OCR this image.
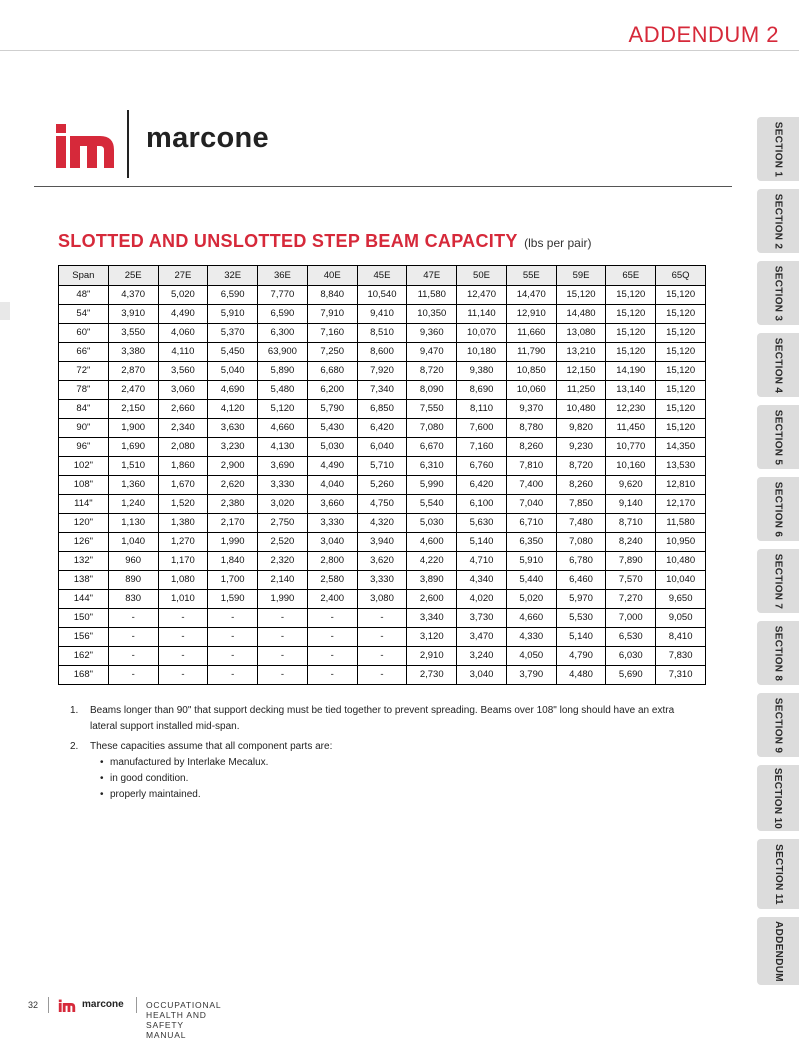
ADDENDUM 2
marcone
SLOTTED AND UNSLOTTED STEP BEAM CAPACITY (lbs per pair)
Span	25E	27E	32E	36E	40E	45E	47E	50E	55E	59E	65E	65Q
48"	4,370	5,020	6,590	7,770	8,840	10,540	11,580	12,470	14,470	15,120	15,120	15,120
54"	3,910	4,490	5,910	6,590	7,910	9,410	10,350	11,140	12,910	14,480	15,120	15,120
60"	3,550	4,060	5,370	6,300	7,160	8,510	9,360	10,070	11,660	13,080	15,120	15,120
66"	3,380	4,110	5,450	63,900	7,250	8,600	9,470	10,180	11,790	13,210	15,120	15,120
72"	2,870	3,560	5,040	5,890	6,680	7,920	8,720	9,380	10,850	12,150	14,190	15,120
78"	2,470	3,060	4,690	5,480	6,200	7,340	8,090	8,690	10,060	11,250	13,140	15,120
84"	2,150	2,660	4,120	5,120	5,790	6,850	7,550	8,110	9,370	10,480	12,230	15,120
90"	1,900	2,340	3,630	4,660	5,430	6,420	7,080	7,600	8,780	9,820	11,450	15,120
96"	1,690	2,080	3,230	4,130	5,030	6,040	6,670	7,160	8,260	9,230	10,770	14,350
102"	1,510	1,860	2,900	3,690	4,490	5,710	6,310	6,760	7,810	8,720	10,160	13,530
108"	1,360	1,670	2,620	3,330	4,040	5,260	5,990	6,420	7,400	8,260	9,620	12,810
114"	1,240	1,520	2,380	3,020	3,660	4,750	5,540	6,100	7,040	7,850	9,140	12,170
120"	1,130	1,380	2,170	2,750	3,330	4,320	5,030	5,630	6,710	7,480	8,710	11,580
126"	1,040	1,270	1,990	2,520	3,040	3,940	4,600	5,140	6,350	7,080	8,240	10,950
132"	960	1,170	1,840	2,320	2,800	3,620	4,220	4,710	5,910	6,780	7,890	10,480
138"	890	1,080	1,700	2,140	2,580	3,330	3,890	4,340	5,440	6,460	7,570	10,040
144"	830	1,010	1,590	1,990	2,400	3,080	2,600	4,020	5,020	5,970	7,270	9,650
150"	-	-	-	-	-	-	3,340	3,730	4,660	5,530	7,000	9,050
156"	-	-	-	-	-	-	3,120	3,470	4,330	5,140	6,530	8,410
162"	-	-	-	-	-	-	2,910	3,240	4,050	4,790	6,030	7,830
168"	-	-	-	-	-	-	2,730	3,040	3,790	4,480	5,690	7,310
1. Beams longer than 90" that support decking must be tied together to prevent spreading. Beams over 108" long should have an extra lateral support installed mid-span.
2. These capacities assume that all component parts are:
• manufactured by Interlake Mecalux.
• in good condition.
• properly maintained.
SECTION 1
SECTION 2
SECTION 3
SECTION 4
SECTION 5
SECTION 6
SECTION 7
SECTION 8
SECTION 9
SECTION 10
SECTION 11
ADDENDUM
32	marcone	OCCUPATIONAL HEALTH AND SAFETY MANUAL
